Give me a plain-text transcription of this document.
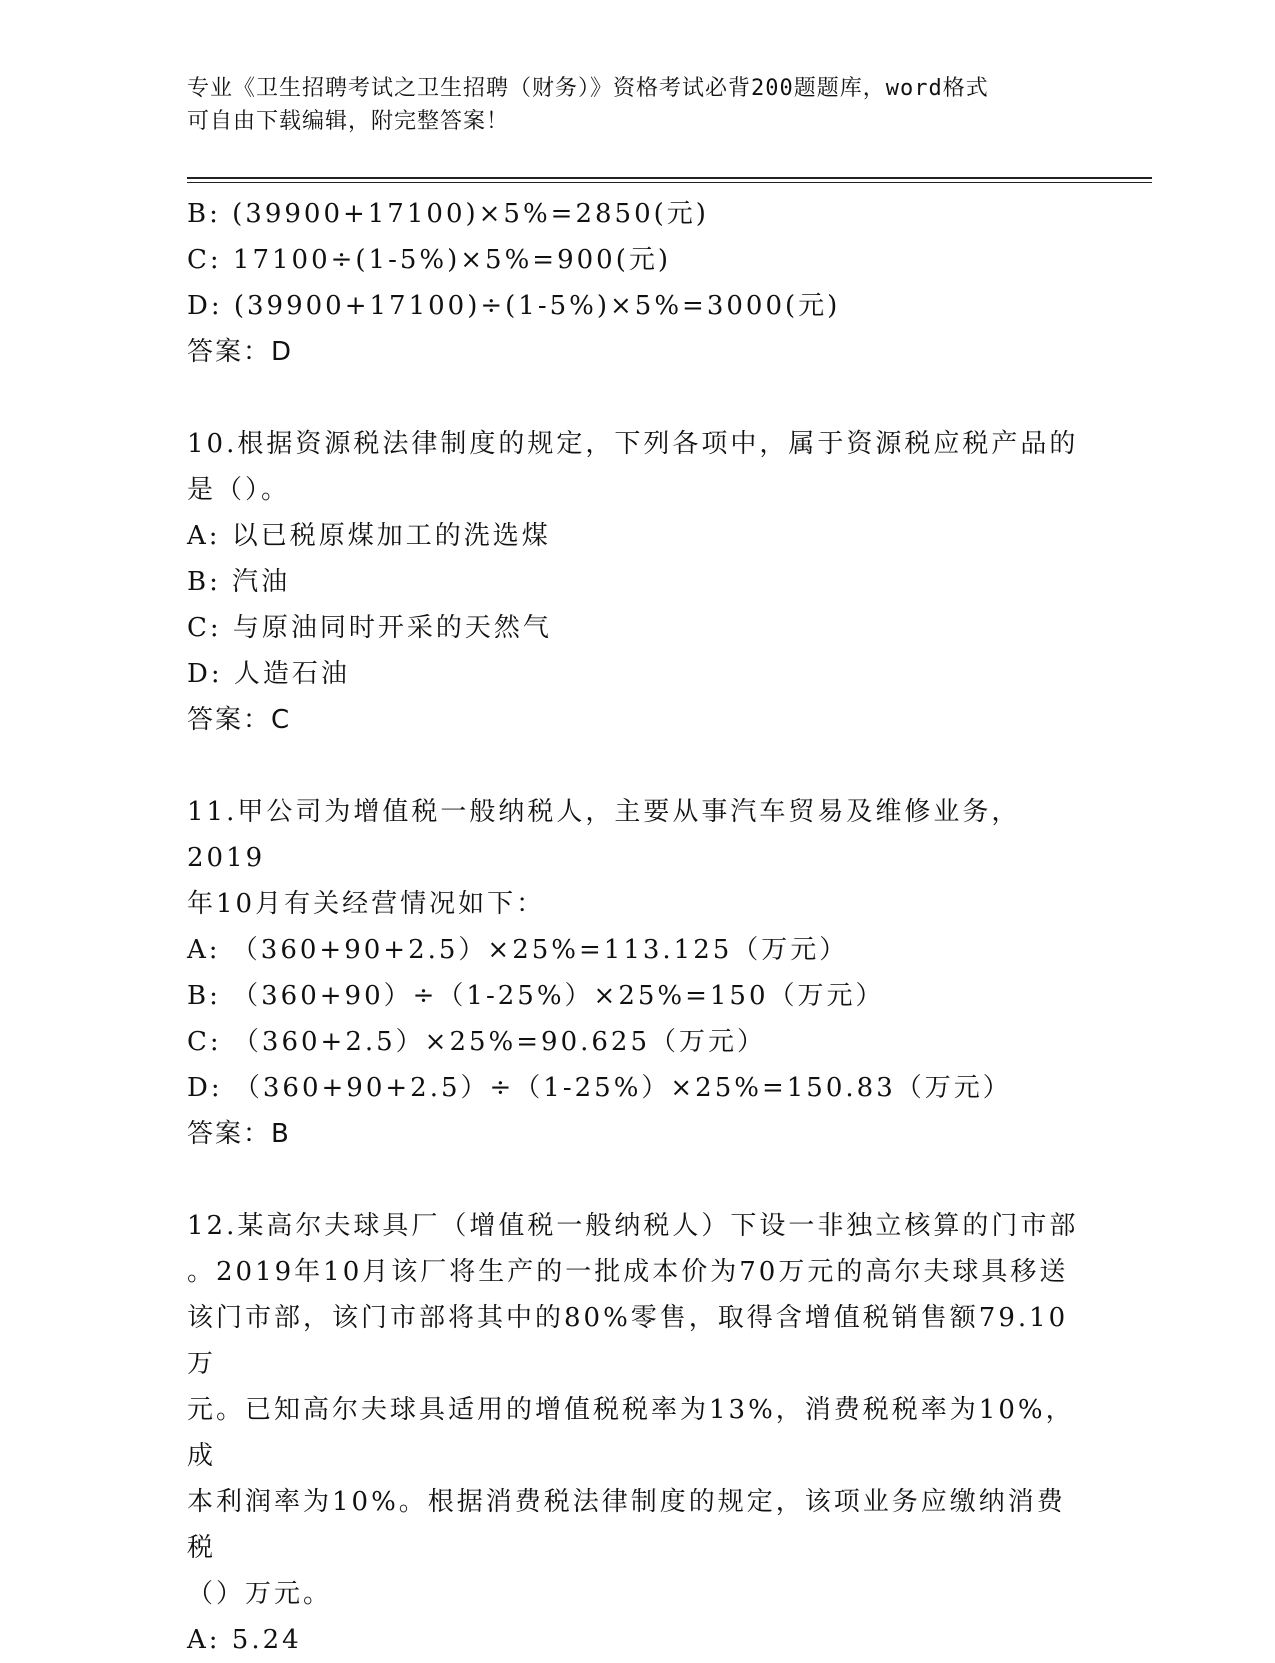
专业《卫生招聘考试之卫生招聘（财务）》资格考试必背200题题库，word格式
可自由下载编辑，附完整答案！
B: (39900+17100)×5%=2850(元)
C: 17100÷(1-5%)×5%=900(元)
D: (39900+17100)÷(1-5%)×5%=3000(元)
答案：D
10.根据资源税法律制度的规定，下列各项中，属于资源税应税产品的
是（）。
A: 以已税原煤加工的洗选煤
B: 汽油
C: 与原油同时开采的天然气
D: 人造石油
答案：C
11.甲公司为增值税一般纳税人，主要从事汽车贸易及维修业务，2019
年10月有关经营情况如下：
A: （360+90+2.5）×25%=113.125（万元）
B: （360+90）÷（1-25%）×25%=150（万元）
C: （360+2.5）×25%=90.625（万元）
D: （360+90+2.5）÷（1-25%）×25%=150.83（万元）
答案：B
12.某高尔夫球具厂（增值税一般纳税人）下设一非独立核算的门市部
。2019年10月该厂将生产的一批成本价为70万元的高尔夫球具移送
该门市部，该门市部将其中的80%零售，取得含增值税销售额79.10万
元。已知高尔夫球具适用的增值税税率为13%，消费税税率为10%，成
本利润率为10%。根据消费税法律制度的规定，该项业务应缴纳消费税
（）万元。
A: 5.24
